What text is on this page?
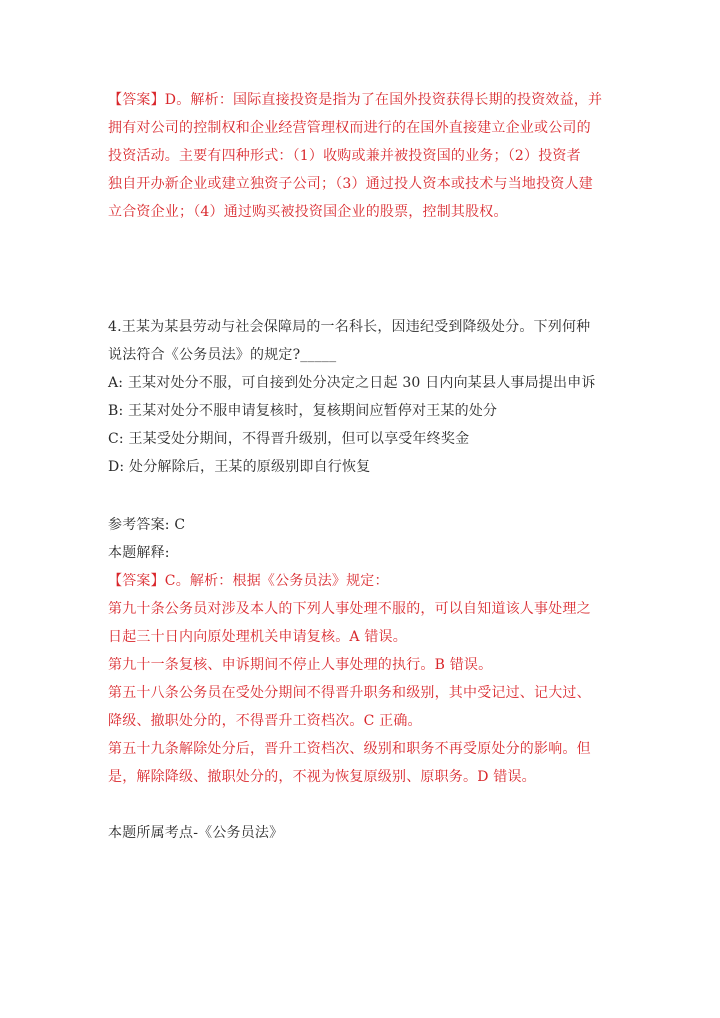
【答案】D。解析：国际直接投资是指为了在国外投资获得长期的投资效益，并
拥有对公司的控制权和企业经营管理权而进行的在国外直接建立企业或公司的
投资活动。主要有四种形式：（1）收购或兼并被投资国的业务；（2）投资者
独自开办新企业或建立独资子公司；（3）通过投人资本或技术与当地投资人建
立合资企业；（4）通过购买被投资国企业的股票，控制其股权。
4.王某为某县劳动与社会保障局的一名科长，因违纪受到降级处分。下列何种
说法符合《公务员法》的规定?_____
A: 王某对处分不服，可自接到处分决定之日起 30 日内向某县人事局提出申诉
B: 王某对处分不服申请复核时，复核期间应暂停对王某的处分
C: 王某受处分期间，不得晋升级别，但可以享受年终奖金
D: 处分解除后，王某的原级别即自行恢复
参考答案: C
本题解释:
【答案】C。解析：根据《公务员法》规定：
第九十条公务员对涉及本人的下列人事处理不服的，可以自知道该人事处理之
日起三十日内向原处理机关申请复核。A 错误。
第九十一条复核、申诉期间不停止人事处理的执行。B 错误。
第五十八条公务员在受处分期间不得晋升职务和级别，其中受记过、记大过、
降级、撤职处分的，不得晋升工资档次。C 正确。
第五十九条解除处分后，晋升工资档次、级别和职务不再受原处分的影响。但
是，解除降级、撤职处分的，不视为恢复原级别、原职务。D 错误。
本题所属考点-《公务员法》
